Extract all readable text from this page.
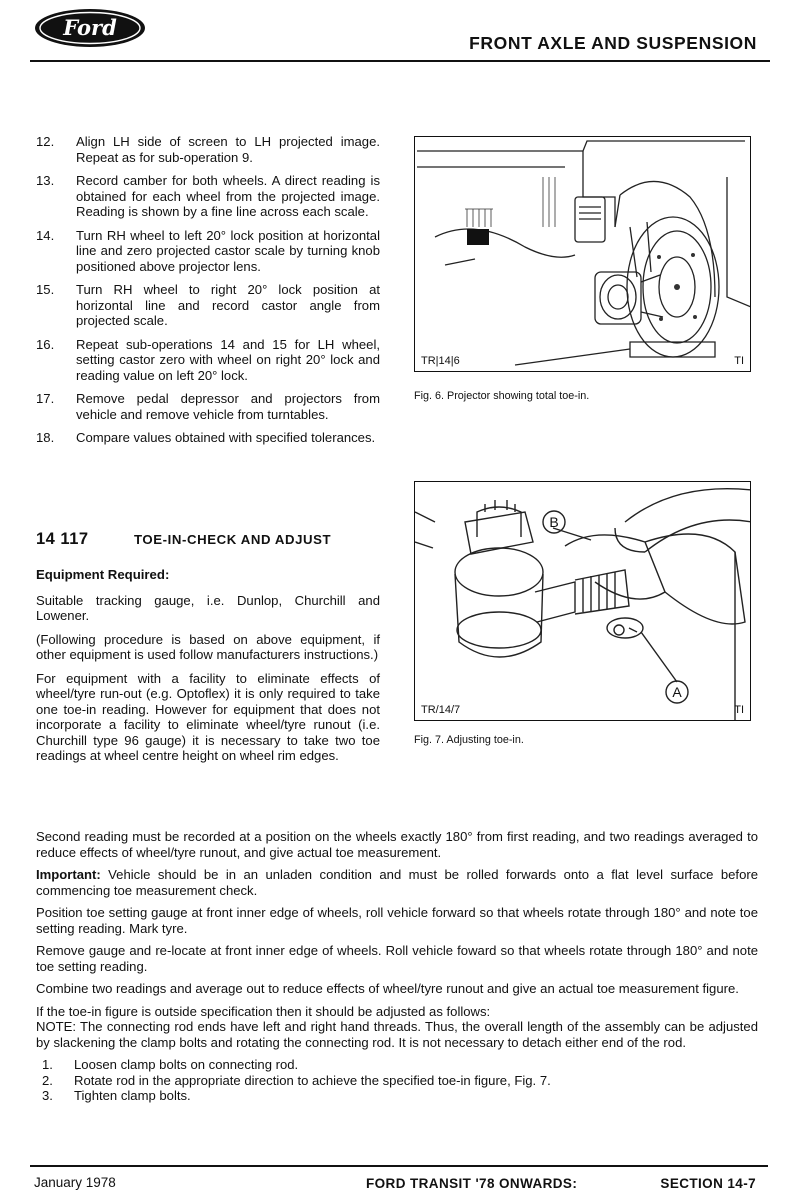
Ford
FRONT AXLE AND SUSPENSION
12.	Align LH side of screen to LH projected image. Repeat as for sub-operation 9.
13.	Record camber for both wheels. A direct reading is obtained for each wheel from the projected image. Reading is shown by a fine line across each scale.
14.	Turn RH wheel to left 20° lock position at horizontal line and zero projected castor scale by turning knob positioned above projector lens.
15.	Turn RH wheel to right 20° lock position at horizontal line and record castor angle from projected scale.
16.	Repeat sub-operations 14 and 15 for LH wheel, setting castor zero with wheel on right 20° lock and reading value on left 20° lock.
17.	Remove pedal depressor and projectors from vehicle and remove vehicle from turntables.
18.	Compare values obtained with specified tolerances.
14 117	TOE-IN-CHECK AND ADJUST
Equipment Required:

Suitable tracking gauge, i.e. Dunlop, Churchill and Lowener.

(Following procedure is based on above equipment, if other equipment is used follow manufacturers instructions.)

For equipment with a facility to eliminate effects of wheel/tyre run-out (e.g. Optoflex) it is only required to take one toe-in reading. However for equipment that does not incorporate a facility to eliminate wheel/tyre runout (i.e. Churchill type 96 gauge) it is necessary to take two toe readings at wheel centre height on wheel rim edges.

TR|14|6	TI
Fig. 6. Projector showing total toe-in.
B
A
TR/14/7	TI
Fig. 7. Adjusting toe-in.

Second reading must be recorded at a position on the wheels exactly 180° from first reading, and two readings averaged to reduce effects of wheel/tyre runout, and give actual toe measurement.

Important: Vehicle should be in an unladen condition and must be rolled forwards onto a flat level surface before commencing toe measurement check.

Position toe setting gauge at front inner edge of wheels, roll vehicle forward so that wheels rotate through 180° and note toe setting reading. Mark tyre.

Remove gauge and re-locate at front inner edge of wheels. Roll vehicle foward so that wheels rotate through 180° and note toe setting reading.

Combine two readings and average out to reduce effects of wheel/tyre runout and give an actual toe measurement figure.

If the toe-in figure is outside specification then it should be adjusted as follows:

NOTE: The connecting rod ends have left and right hand threads. Thus, the overall length of the assembly can be adjusted by slackening the clamp bolts and rotating the connecting rod. It is not necessary to detach either end of the rod.

1.	Loosen clamp bolts on connecting rod.
2.	Rotate rod in the appropriate direction to achieve the specified toe-in figure, Fig. 7.
3.	Tighten clamp bolts.
January 1978	FORD TRANSIT '78 ONWARDS:	SECTION 14-7
